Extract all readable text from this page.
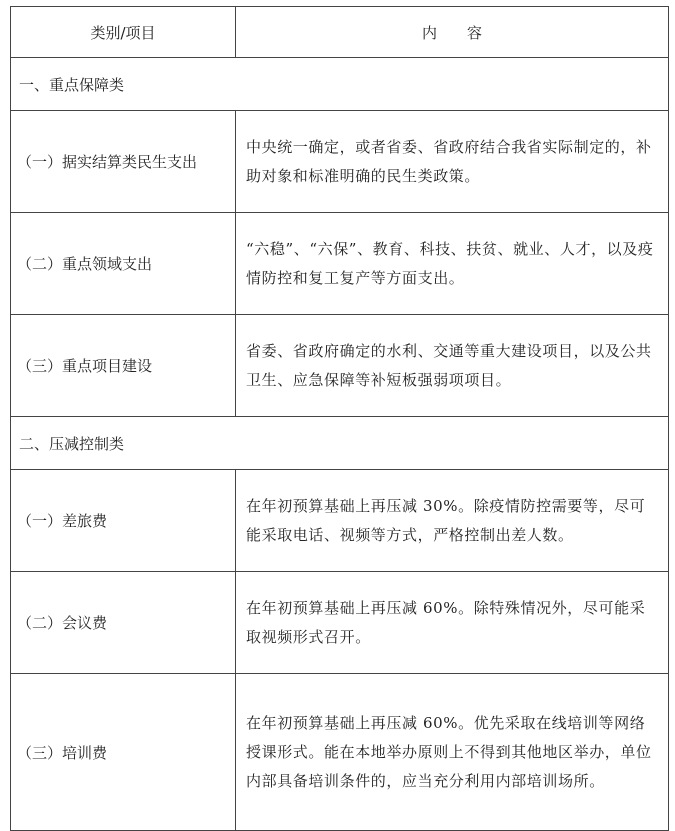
类别/项目	内容
一、重点保障类	
（一）据实结算类民生支出	中央统一确定，或者省委、省政府结合我省实际制定的，补助对象和标准明确的民生类政策。
（二）重点领域支出	“六稳”、“六保”、教育、科技、扶贫、就业、人才，以及疫情防控和复工复产等方面支出。
（三）重点项目建设	省委、省政府确定的水利、交通等重大建设项目，以及公共卫生、应急保障等补短板强弱项项目。
二、压减控制类	
（一）差旅费	在年初预算基础上再压减 30%。除疫情防控需要等，尽可能采取电话、视频等方式，严格控制出差人数。
（二）会议费	在年初预算基础上再压减 60%。除特殊情况外，尽可能采取视频形式召开。
（三）培训费	在年初预算基础上再压减 60%。优先采取在线培训等网络授课形式。能在本地举办原则上不得到其他地区举办，单位内部具备培训条件的，应当充分利用内部培训场所。
